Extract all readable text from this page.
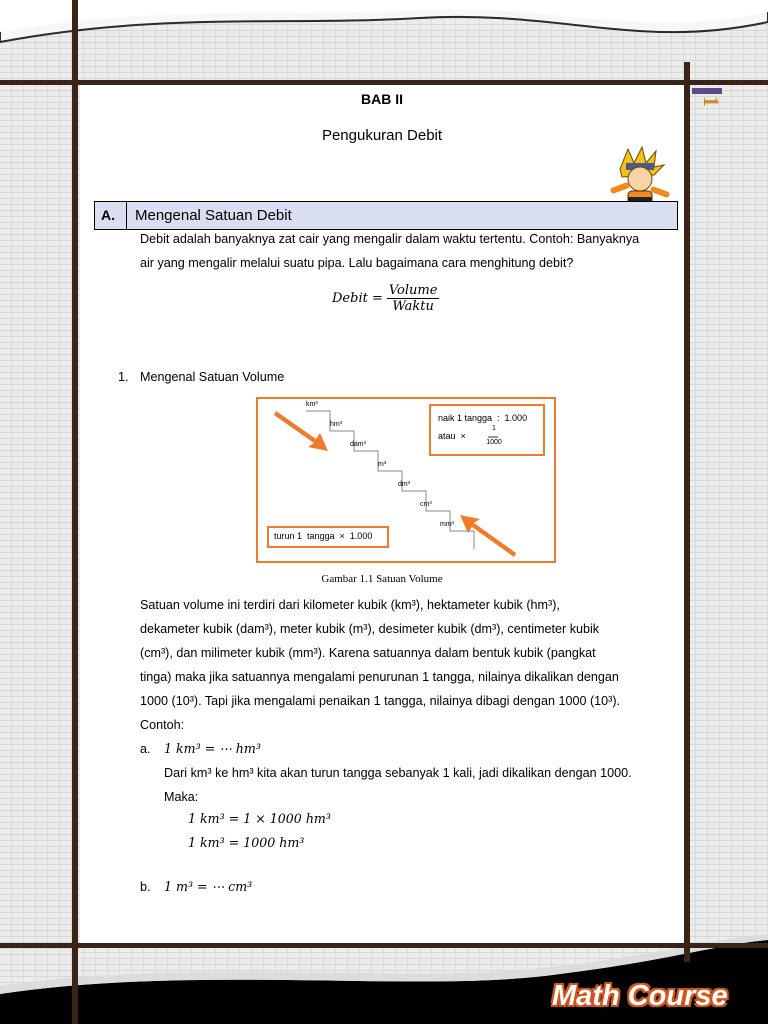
1
BAB II
Pengukuran Debit
A.	Mengenal Satuan Debit
Debit adalah banyaknya zat cair yang mengalir dalam waktu tertentu. Contoh: Banyaknya
air yang mengalir melalui suatu pipa. Lalu bagaimana cara menghitung debit?
Debit =
Volume
Waktu
1. Mengenal Satuan Volume
km³
hm³
dam³
m³
dm³
cm³
mm³
naik 1 tangga  :  1.000
atau  ×
1
1000
turun 1  tangga  ×  1.000
Gambar 1.1 Satuan Volume
Satuan volume ini terdiri dari kilometer kubik (km³), hektameter kubik (hm³),
dekameter kubik (dam³), meter kubik (m³), desimeter kubik (dm³), centimeter kubik
(cm³), dan milimeter kubik (mm³). Karena satuannya dalam bentuk kubik (pangkat
tinga) maka jika satuannya mengalami penurunan 1 tangga, nilainya dikalikan dengan
1000 (10³). Tapi jika mengalami penaikan 1 tangga, nilainya dibagi dengan 1000 (10³).
Contoh:
a. 1 km³ = ⋯ hm³
Dari km³ ke hm³ kita akan turun tangga sebanyak 1 kali, jadi dikalikan dengan 1000.
Maka:
1 km³ = 1 × 1000 hm³
1 km³ = 1000 hm³
b. 1 m³ = ⋯ cm³
Math Course
